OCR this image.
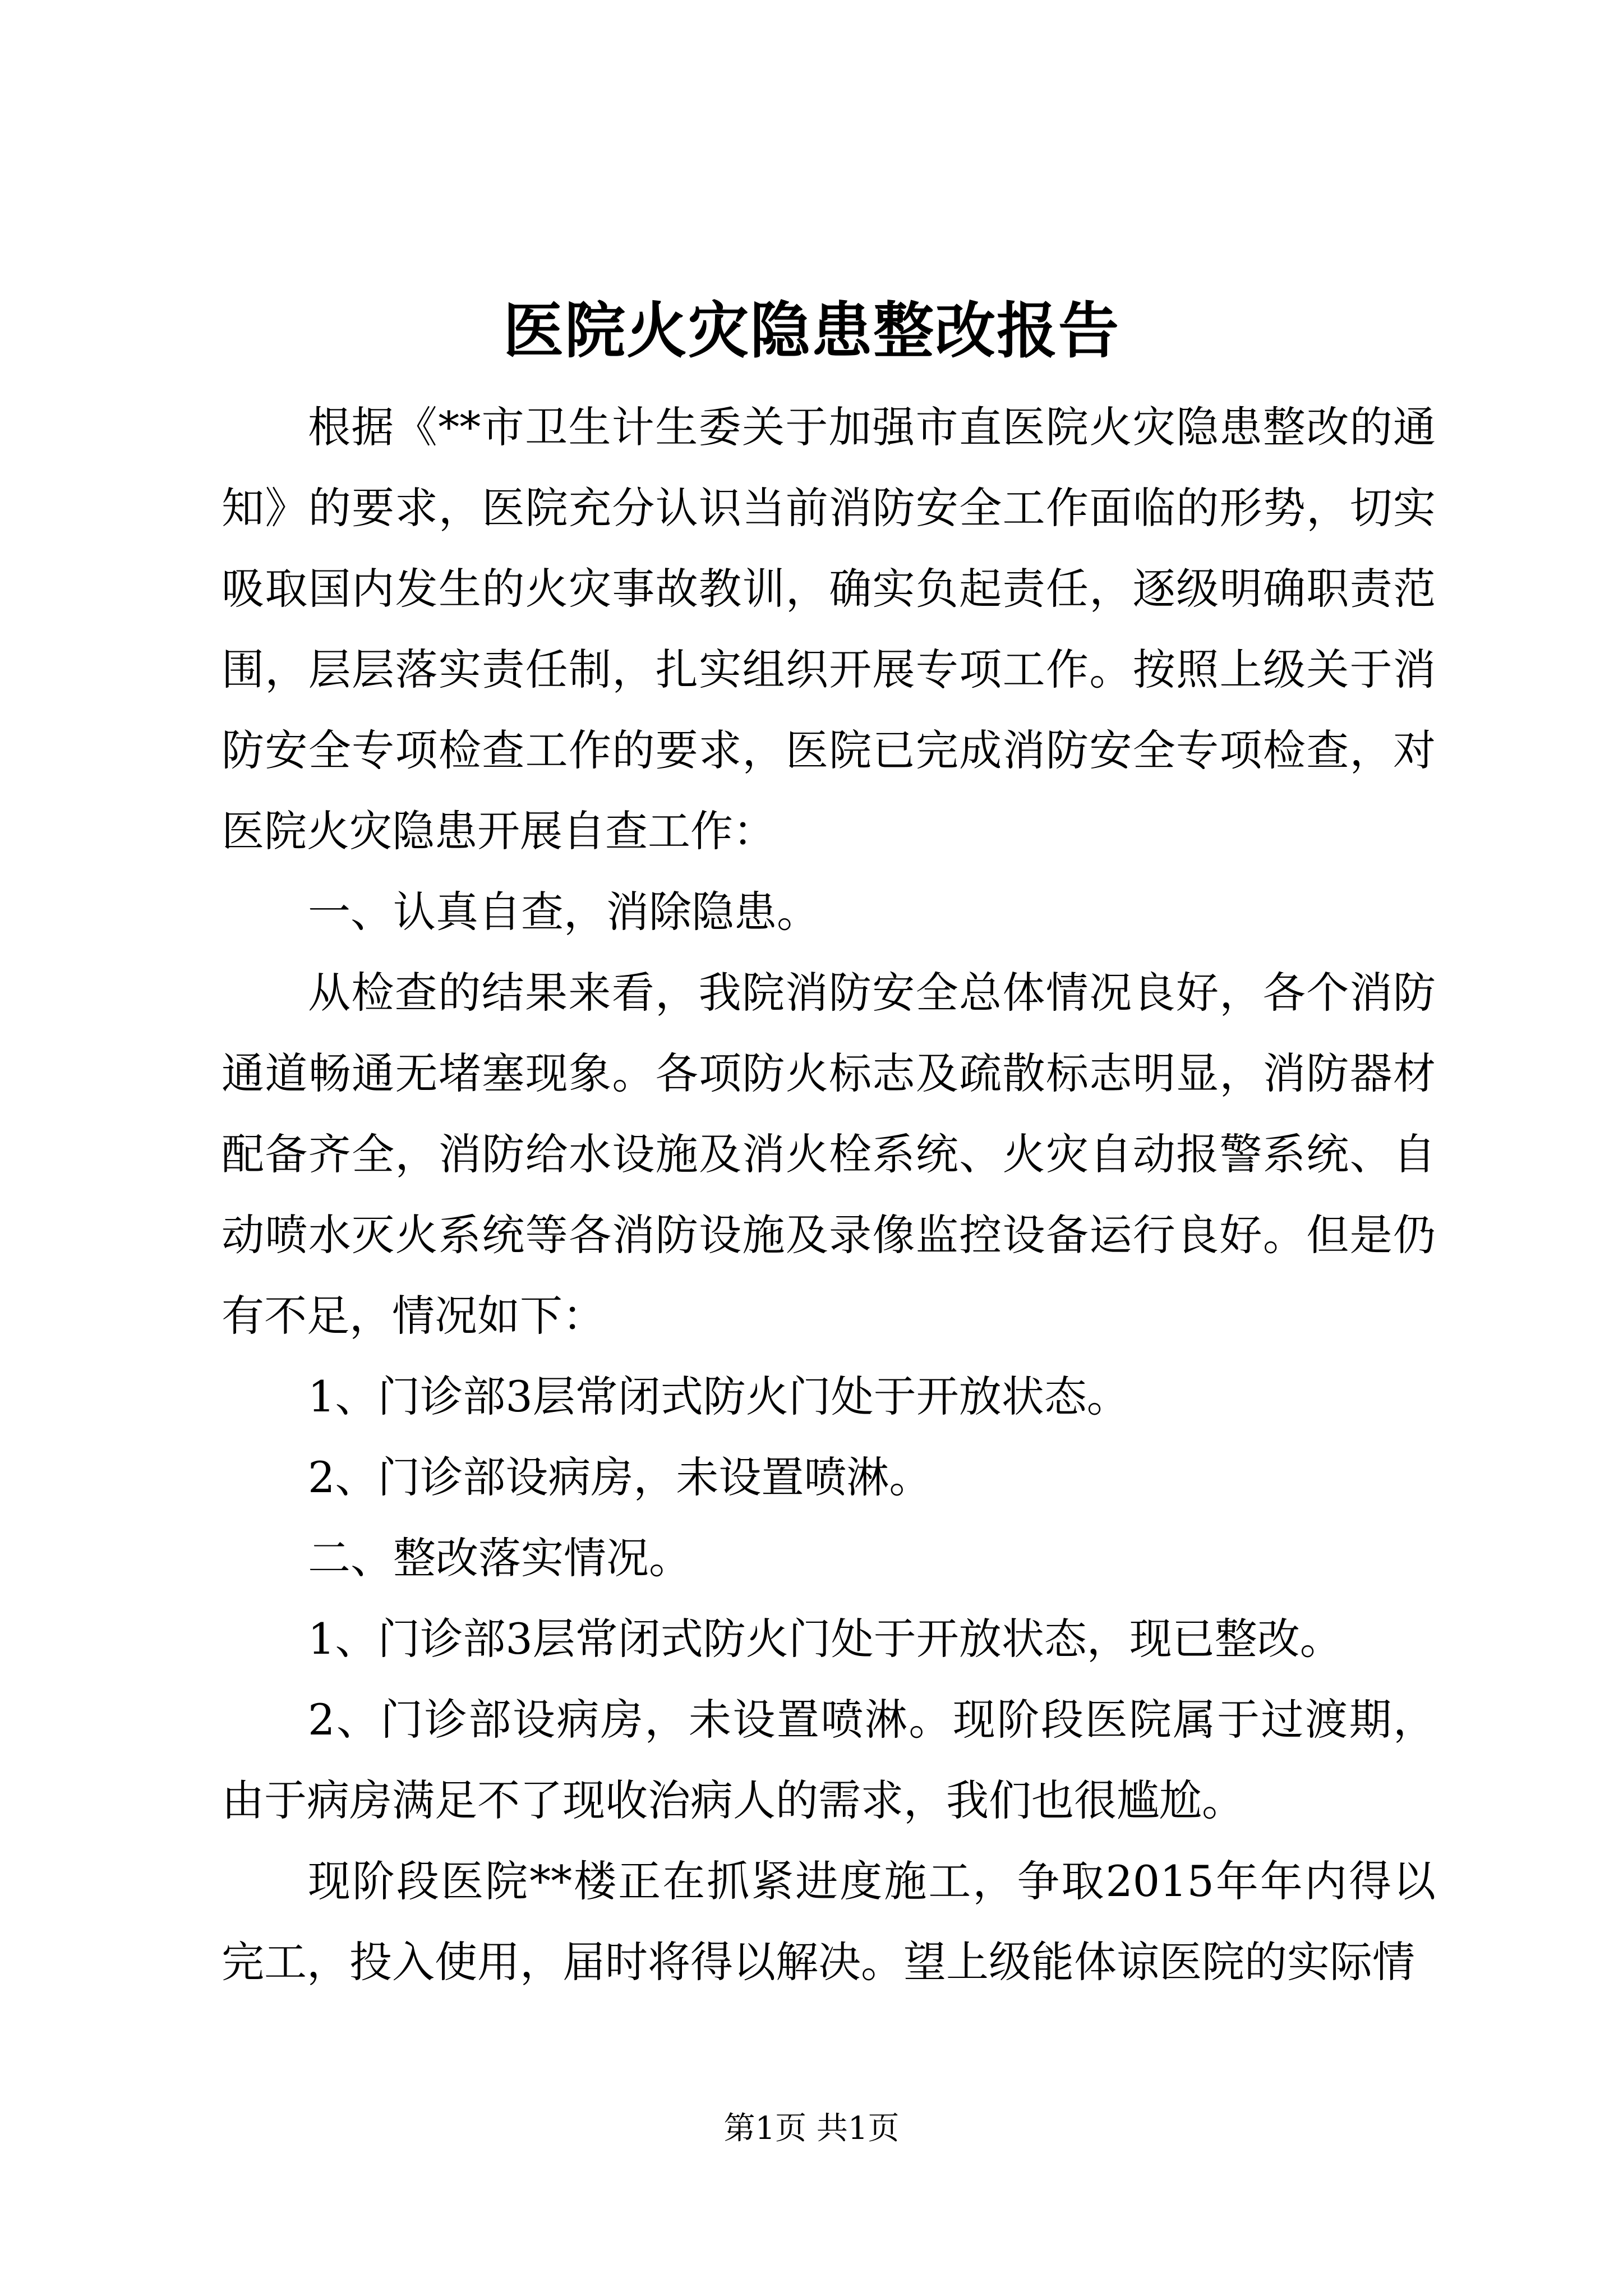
医院火灾隐患整改报告

根据《**市卫生计生委关于加强市直医院火灾隐患整改的通知》的要求，医院充分认识当前消防安全工作面临的形势，切实吸取国内发生的火灾事故教训，确实负起责任，逐级明确职责范围，层层落实责任制，扎实组织开展专项工作。按照上级关于消防安全专项检查工作的要求，医院已完成消防安全专项检查，对医院火灾隐患开展自查工作：

一、认真自查，消除隐患。

从检查的结果来看，我院消防安全总体情况良好，各个消防通道畅通无堵塞现象。各项防火标志及疏散标志明显，消防器材配备齐全，消防给水设施及消火栓系统、火灾自动报警系统、自动喷水灭火系统等各消防设施及录像监控设备运行良好。但是仍有不足，情况如下：

1、门诊部3层常闭式防火门处于开放状态。

2、门诊部设病房，未设置喷淋。

二、整改落实情况。

1、门诊部3层常闭式防火门处于开放状态，现已整改。

2、门诊部设病房，未设置喷淋。现阶段医院属于过渡期，由于病房满足不了现收治病人的需求，我们也很尴尬。

现阶段医院**楼正在抓紧进度施工，争取2015年年内得以完工，投入使用，届时将得以解决。望上级能体谅医院的实际情

第1页 共1页
